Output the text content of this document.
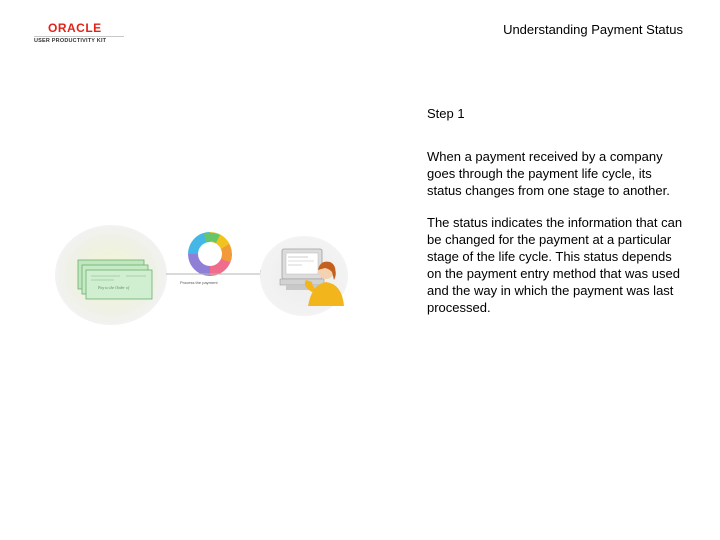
ORACLE
USER PRODUCTIVITY KIT
Understanding Payment Status
Step 1

When a payment received by a company goes through the payment life cycle, its status changes from one stage to another.

The status indicates the information that can be changed for the payment at a particular stage of the life cycle. This status depends on the payment entry method that was used and the way in which the payment was last processed.

Pay to the Order of
Process the payment
